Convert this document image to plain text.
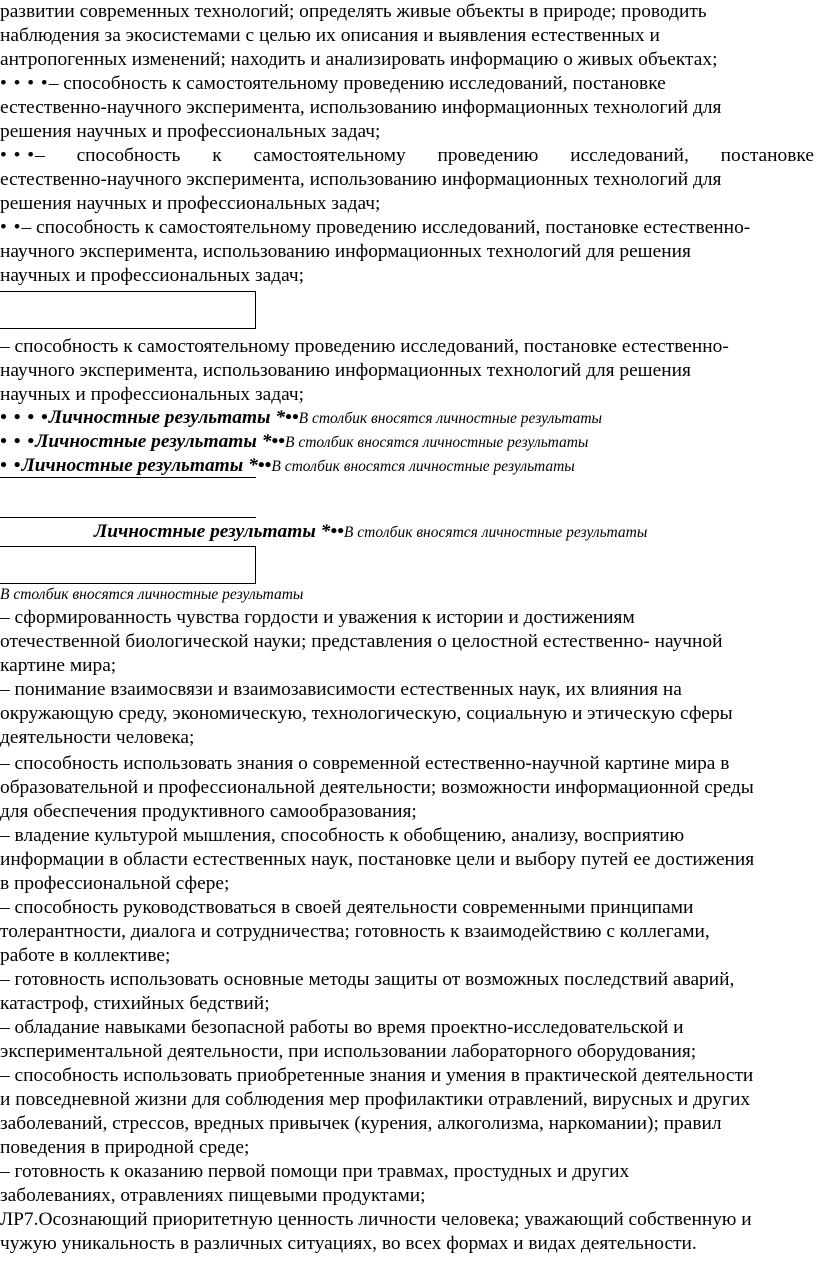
развитии современных технологий; определять живые объекты в природе; проводить
наблюдения за экосистемами с целью их описания и выявления естественных и
антропогенных изменений; находить и анализировать информацию о живых объектах;
• • • •– способность к самостоятельному проведению исследований, постановке
естественно-научного эксперимента, использованию информационных технологий для
решения научных и профессиональных задач;
• • •– способность к самостоятельному проведению исследований, постановке
естественно-научного эксперимента, использованию информационных технологий для
решения научных и профессиональных задач;
• •– способность к самостоятельному проведению исследований, постановке естественно-
научного эксперимента, использованию информационных технологий для решения
научных и профессиональных задач;
– способность к самостоятельному проведению исследований, постановке естественно-
научного эксперимента, использованию информационных технологий для решения
научных и профессиональных задач;
• • • •Личностные результаты *••В столбик вносятся личностные результаты
• • •Личностные результаты *••В столбик вносятся личностные результаты
• •Личностные результаты *••В столбик вносятся личностные результаты
Личностные результаты *••В столбик вносятся личностные результаты
В столбик вносятся личностные результаты
– сформированность чувства гордости и уважения к истории и достижениям
отечественной биологической науки; представления о целостной естественно- научной
картине мира;
– понимание взаимосвязи и взаимозависимости естественных наук, их влияния на
окружающую среду, экономическую, технологическую, социальную и этическую сферы
деятельности человека;
– способность использовать знания о современной естественно-научной картине мира в
образовательной и профессиональной деятельности; возможности информационной среды
для обеспечения продуктивного самообразования;
– владение культурой мышления, способность к обобщению, анализу, восприятию
информации в области естественных наук, постановке цели и выбору путей ее достижения
в профессиональной сфере;
– способность руководствоваться в своей деятельности современными принципами
толерантности, диалога и сотрудничества; готовность к взаимодействию с коллегами,
работе в коллективе;
– готовность использовать основные методы защиты от возможных последствий аварий,
катастроф, стихийных бедствий;
– обладание навыками безопасной работы во время проектно-исследовательской и
экспериментальной деятельности, при использовании лабораторного оборудования;
– способность использовать приобретенные знания и умения в практической деятельности
и повседневной жизни для соблюдения мер профилактики отравлений, вирусных и других
заболеваний, стрессов, вредных привычек (курения, алкоголизма, наркомании); правил
поведения в природной среде;
– готовность к оказанию первой помощи при травмах, простудных и других
заболеваниях, отравлениях пищевыми продуктами;
ЛР7.Осознающий приоритетную ценность личности человека; уважающий собственную и
чужую уникальность в различных ситуациях, во всех формах и видах деятельности.
